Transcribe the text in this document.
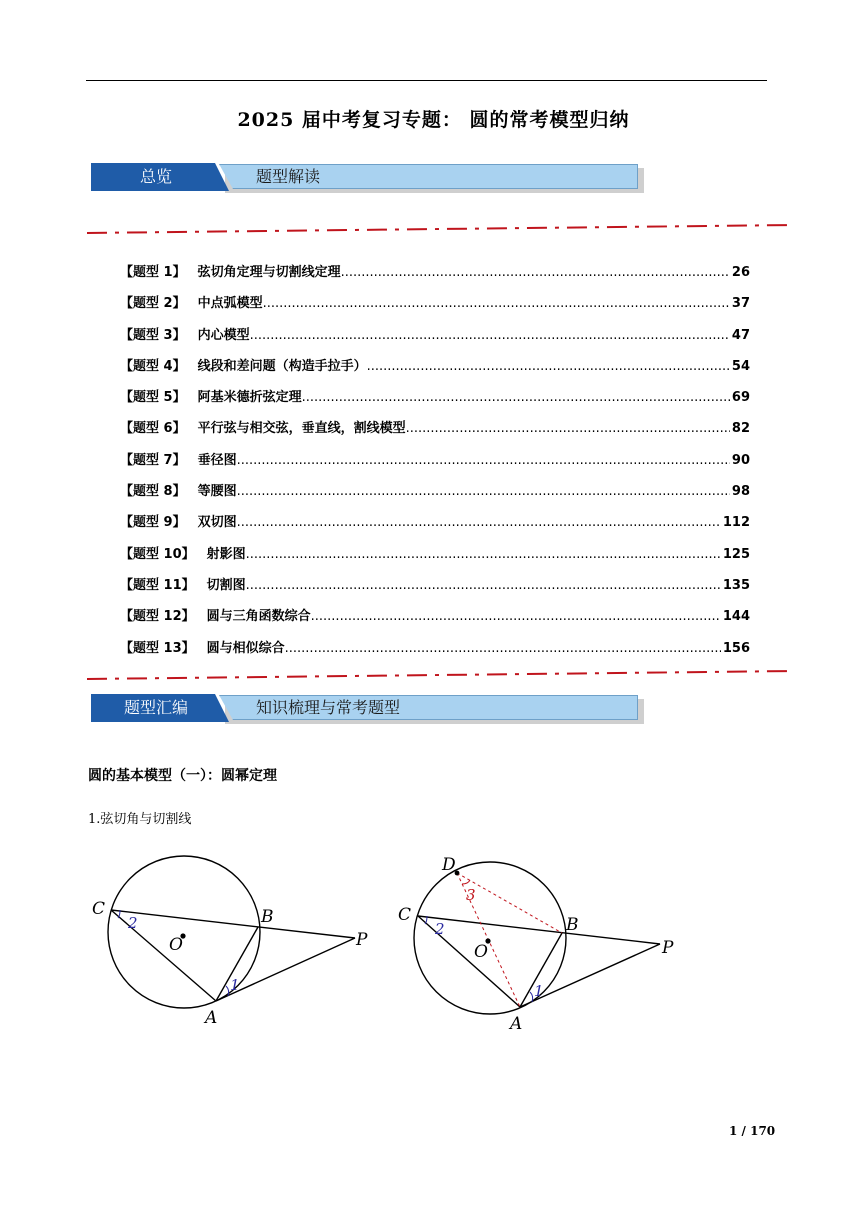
2025 届中考复习专题： 圆的常考模型归纳
总览	题型解读
【题型 1】 弦切角定理与切割线定理 .....	26
【题型 2】 中点弧模型 .....	37
【题型 3】 内心模型 .....	47
【题型 4】 线段和差问题（构造手拉手） .....	54
【题型 5】 阿基米德折弦定理 .....	69
【题型 6】 平行弦与相交弦，垂直线，割线模型 .....	82
【题型 7】 垂径图 .....	90
【题型 8】 等腰图 .....	98
【题型 9】 双切图 .....	112
【题型 10】 射影图 .....	125
【题型 11】 切割图 .....	135
【题型 12】 圆与三角函数综合 .....	144
【题型 13】 圆与相似综合 .....	156
题型汇编	知识梳理与常考题型
圆的基本模型（一）：圆幂定理
1.弦切角与切割线
C	B
O	P
A
1
2
D
C	B
O	P
A
1
2
3
1 / 170
